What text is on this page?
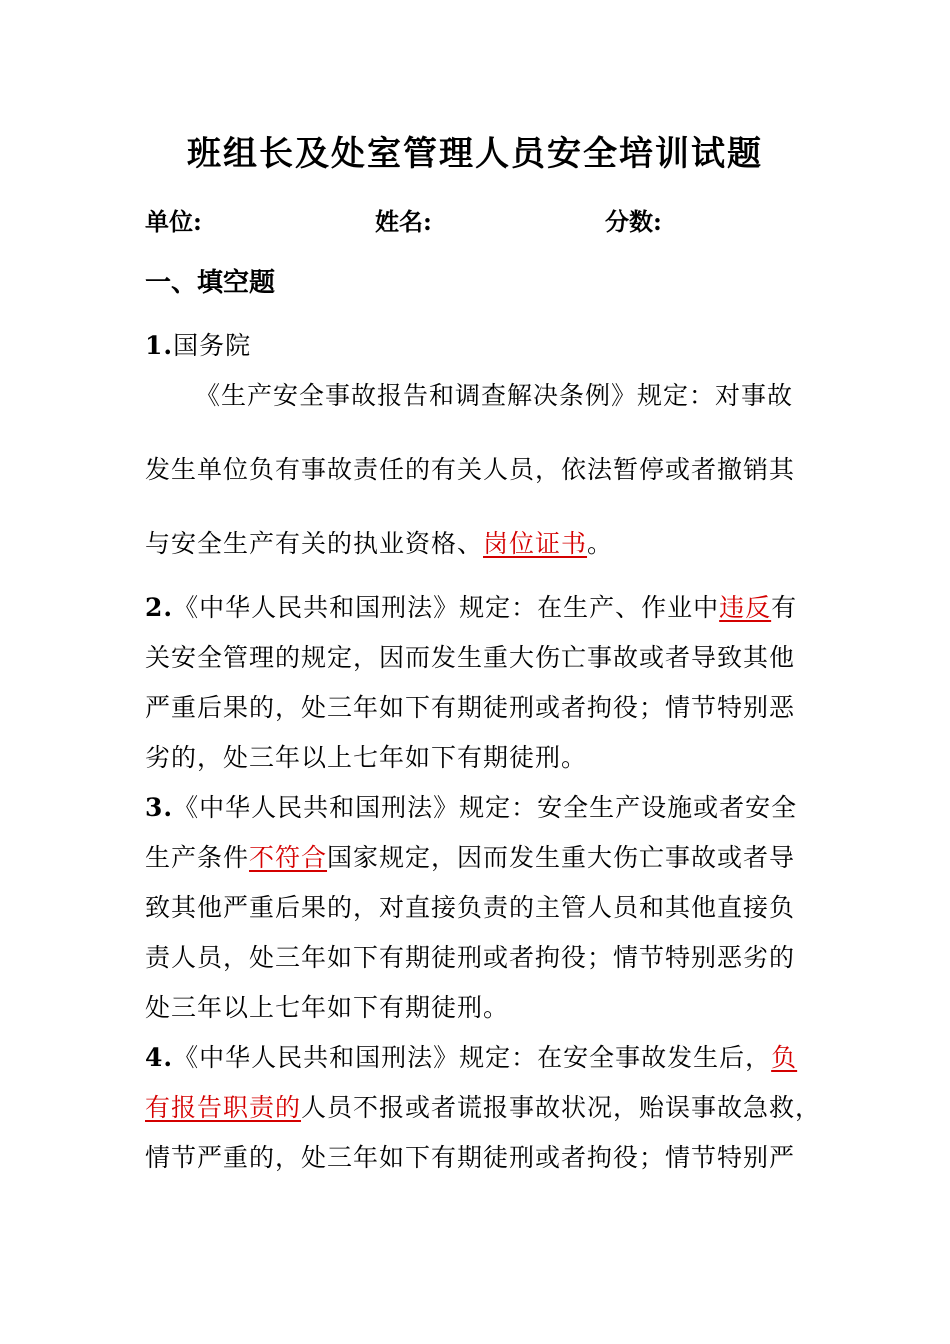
班组长及处室管理人员安全培训试题
单位:	姓名:	分数:
一、填空题
1.国务院
《生产安全事故报告和调查解决条例》规定：对事故
发生单位负有事故责任的有关人员，依法暂停或者撤销其
与安全生产有关的执业资格、岗位证书。
2.《中华人民共和国刑法》规定：在生产、作业中违反有
关安全管理的规定，因而发生重大伤亡事故或者导致其他
严重后果的，处三年如下有期徒刑或者拘役；情节特别恶
劣的，处三年以上七年如下有期徒刑。
3.《中华人民共和国刑法》规定：安全生产设施或者安全
生产条件不符合国家规定，因而发生重大伤亡事故或者导
致其他严重后果的，对直接负责的主管人员和其他直接负
责人员，处三年如下有期徒刑或者拘役；情节特别恶劣的
处三年以上七年如下有期徒刑。
4.《中华人民共和国刑法》规定：在安全事故发生后，负
有报告职责的人员不报或者谎报事故状况，贻误事故急救，
情节严重的，处三年如下有期徒刑或者拘役；情节特别严
